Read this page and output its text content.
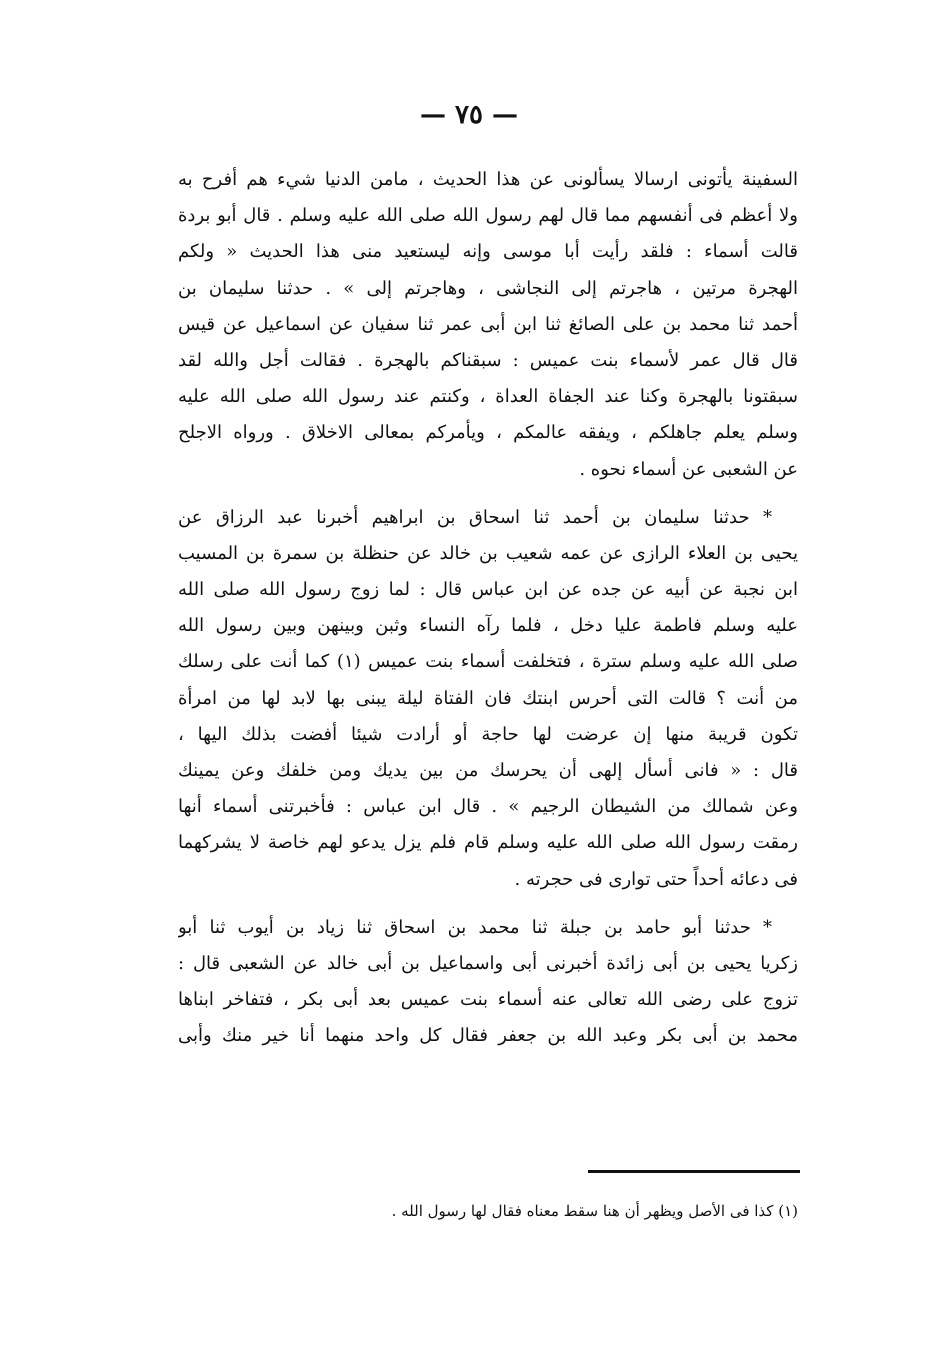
— ٧٥ —
السفينة يأتونى ارسالا يسألونى عن هذا الحديث ، مامن الدنيا شيء هم أفرح به
ولا أعظم فى أنفسهم مما قال لهم رسول الله صلى الله عليه وسلم . قال أبو بردة
قالت أسماء : فلقد رأيت أبا موسى وإنه ليستعيد منى هذا الحديث « ولكم
الهجرة مرتين ، هاجرتم إلى النجاشى ، وهاجرتم إلى » . حدثنا سليمان بن
أحمد ثنا محمد بن على الصائغ ثنا ابن أبى عمر ثنا سفيان عن اسماعيل عن قيس
قال قال عمر لأسماء بنت عميس : سبقناكم بالهجرة . فقالت أجل والله لقد
سبقتونا بالهجرة وكنا عند الجفاة العداة ، وكنتم عند رسول الله صلى الله عليه
وسلم يعلم جاهلكم ، ويفقه عالمكم ، ويأمركم بمعالى الاخلاق . ورواه الاجلح
عن الشعبى عن أسماء نحوه .
* حدثنا سليمان بن أحمد ثنا اسحاق بن ابراهيم أخبرنا عبد الرزاق عن
يحيى بن العلاء الرازى عن عمه شعيب بن خالد عن حنظلة بن سمرة بن المسيب
ابن نجبة عن أبيه عن جده عن ابن عباس قال : لما زوج رسول الله صلى الله
عليه وسلم فاطمة عليا دخل ، فلما رآه النساء وثبن وبينهن وبين رسول الله
صلى الله عليه وسلم سترة ، فتخلفت أسماء بنت عميس (١) كما أنت على رسلك
من أنت ؟ قالت التى أحرس ابنتك فان الفتاة ليلة يبنى بها لابد لها من امرأة
تكون قريبة منها إن عرضت لها حاجة أو أرادت شيئا أفضت بذلك اليها ،
قال : « فانى أسأل إلهى أن يحرسك من بين يديك ومن خلفك وعن يمينك
وعن شمالك من الشيطان الرجيم » . قال ابن عباس : فأخبرتنى أسماء أنها
رمقت رسول الله صلى الله عليه وسلم قام فلم يزل يدعو لهم خاصة لا يشركهما
فى دعائه أحداً حتى توارى فى حجرته .
* حدثنا أبو حامد بن جبلة ثنا محمد بن اسحاق ثنا زياد بن أيوب ثنا أبو
زكريا يحيى بن أبى زائدة أخبرنى أبى واسماعيل بن أبى خالد عن الشعبى قال :
تزوج على رضى الله تعالى عنه أسماء بنت عميس بعد أبى بكر ، فتفاخر ابناها
محمد بن أبى بكر وعبد الله بن جعفر فقال كل واحد منهما أنا خير منك وأبى
(١) كذا فى الأصل ويظهر أن هنا سقط معناه فقال لها رسول الله .
